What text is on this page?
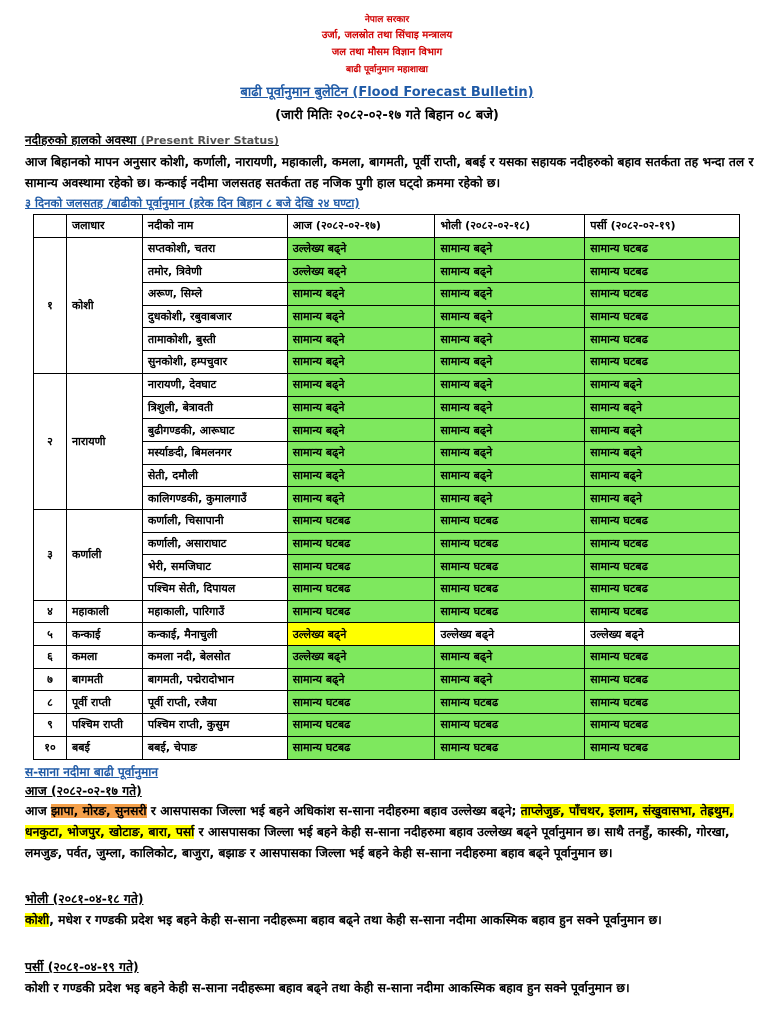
नेपाल सरकार
उर्जा, जलस्रोत तथा सिंचाइ मन्त्रालय
जल तथा मौसम विज्ञान विभाग
बाढी पूर्वानुमान महाशाखा
बाढी पूर्वानुमान बुलेटिन (Flood Forecast Bulletin)
(जारी मितिः २०८२-०२-१७ गते बिहान ०८ बजे)
नदीहरुको हालको अवस्था (Present River Status)
आज बिहानको मापन अनुसार कोशी, कर्णाली, नारायणी, महाकाली, कमला, बागमती, पूर्वी राप्ती, बबई र यसका सहायक नदीहरुको बहाव सतर्कता तह भन्दा तल र सामान्य अवस्थामा रहेको छ। कन्काई नदीमा जलसतह सतर्कता तह नजिक पुगी हाल घट्दो क्रममा रहेको छ।
३ दिनको जलसतह /बाढीको पूर्वानुमान (हरेक दिन बिहान ८ बजे देखि २४ घण्टा)
	जलाधार	नदीको नाम	आज (२०८२-०२-१७)	भोली (२०८२-०२-१८)	पर्सी (२०८२-०२-१९)
१	कोशी	सप्तकोशी, चतरा	उल्लेख्य बढ्ने	सामान्य बढ्ने	सामान्य घटबढ
		तमोर, त्रिवेणी	उल्लेख्य बढ्ने	सामान्य बढ्ने	सामान्य घटबढ
		अरूण, सिम्ले	सामान्य बढ्ने	सामान्य बढ्ने	सामान्य घटबढ
		दुधकोशी, रबुवाबजार	सामान्य बढ्ने	सामान्य बढ्ने	सामान्य घटबढ
		तामाकोशी, बुस्ती	सामान्य बढ्ने	सामान्य बढ्ने	सामान्य घटबढ
		सुनकोशी, हम्पचुवार	सामान्य बढ्ने	सामान्य बढ्ने	सामान्य घटबढ
२	नारायणी	नारायणी, देवघाट	सामान्य बढ्ने	सामान्य बढ्ने	सामान्य बढ्ने
		त्रिशुली, बेत्रावती	सामान्य बढ्ने	सामान्य बढ्ने	सामान्य बढ्ने
		बुढीगण्डकी, आरूघाट	सामान्य बढ्ने	सामान्य बढ्ने	सामान्य बढ्ने
		मर्स्याङदी, बिमलनगर	सामान्य बढ्ने	सामान्य बढ्ने	सामान्य बढ्ने
		सेती, दमौली	सामान्य बढ्ने	सामान्य बढ्ने	सामान्य बढ्ने
		कालिगण्डकी, कुमालगाउँ	सामान्य बढ्ने	सामान्य बढ्ने	सामान्य बढ्ने
३	कर्णाली	कर्णाली, चिसापानी	सामान्य घटबढ	सामान्य घटबढ	सामान्य घटबढ
		कर्णाली, असाराघाट	सामान्य घटबढ	सामान्य घटबढ	सामान्य घटबढ
		भेरी, समजिघाट	सामान्य घटबढ	सामान्य घटबढ	सामान्य घटबढ
		पश्चिम सेती, दिपायल	सामान्य घटबढ	सामान्य घटबढ	सामान्य घटबढ
४	महाकाली	महाकाली, पारिगाउँ	सामान्य घटबढ	सामान्य घटबढ	सामान्य घटबढ
५	कन्काई	कन्काई, मैनाचुली	उल्लेख्य बढ्ने	उल्लेख्य बढ्ने	उल्लेख्य बढ्ने
६	कमला	कमला नदी, बेलसोत	उल्लेख्य बढ्ने	सामान्य बढ्ने	सामान्य घटबढ
७	बागमती	बागमती, पद्मेरादोभान	सामान्य बढ्ने	सामान्य बढ्ने	सामान्य घटबढ
८	पूर्वी राप्ती	पूर्वी राप्ती, रजैया	सामान्य घटबढ	सामान्य घटबढ	सामान्य घटबढ
९	पश्चिम राप्ती	पश्चिम राप्ती, कुसुम	सामान्य घटबढ	सामान्य घटबढ	सामान्य घटबढ
१०	बबई	बबई, चेपाङ	सामान्य घटबढ	सामान्य घटबढ	सामान्य घटबढ
स-साना नदीमा बाढी पूर्वानुमान
आज (२०८२-०२-१७ गते)
आज झापा, मोरङ, सुनसरी र आसपासका जिल्ला भई बहने अधिकांश स-साना नदीहरुमा बहाव उल्लेख्य बढ्ने; ताप्लेजुङ, पाँचथर, इलाम, संखुवासभा, तेह्रथुम, धनकुटा, भोजपुर, खोटाङ, बारा, पर्सा र आसपासका जिल्ला भई बहने केही स-साना नदीहरुमा बहाव उल्लेख्य बढ्ने पूर्वानुमान छ। साथै तनहुँ, कास्की, गोरखा, लमजुङ, पर्वत, जुम्ला, कालिकोट, बाजुरा, बझाङ र आसपासका जिल्ला भई बहने केही स-साना नदीहरुमा बहाव बढ्ने पूर्वानुमान छ।
भोली (२०८१-०४-१८ गते)
कोशी, मधेश र गण्डकी प्रदेश भइ बहने केही स-साना नदीहरूमा बहाव बढ्ने तथा केही स-साना नदीमा आकस्मिक बहाव हुन सक्ने पूर्वानुमान छ।
पर्सी (२०८१-०४-१९ गते)
कोशी र गण्डकी प्रदेश भइ बहने केही स-साना नदीहरूमा बहाव बढ्ने तथा केही स-साना नदीमा आकस्मिक बहाव हुन सक्ने पूर्वानुमान छ।
